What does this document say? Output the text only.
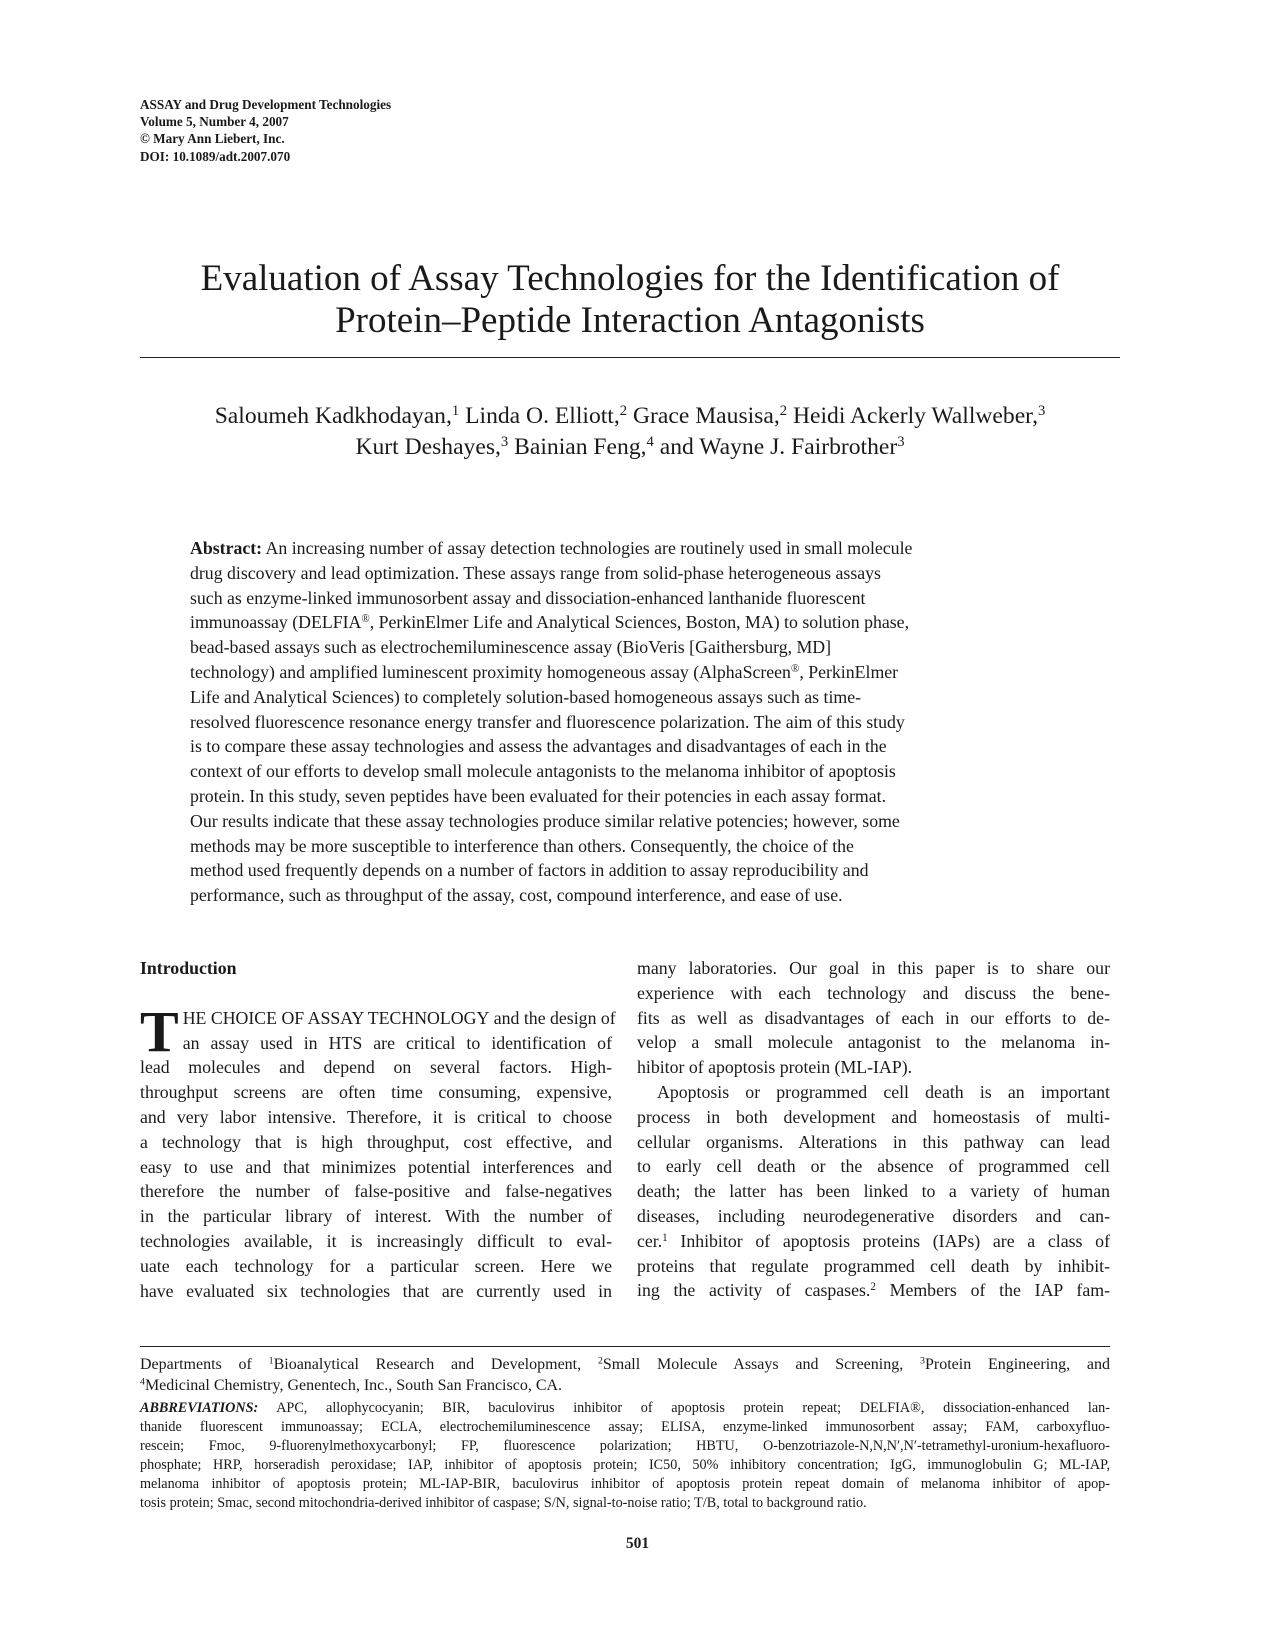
ASSAY and Drug Development Technologies
Volume 5, Number 4, 2007
© Mary Ann Liebert, Inc.
DOI: 10.1089/adt.2007.070
Evaluation of Assay Technologies for the Identification of
Protein–Peptide Interaction Antagonists
Saloumeh Kadkhodayan,$^1$ Linda O. Elliott,$^2$ Grace Mausisa,$^2$ Heidi Ackerly Wallweber,$^3$
Kurt Deshayes,$^3$ Bainian Feng,$^4$ and Wayne J. Fairbrother$^3$
Abstract: An increasing number of assay detection technologies are routinely used in small molecule
drug discovery and lead optimization. These assays range from solid-phase heterogeneous assays
such as enzyme-linked immunosorbent assay and dissociation-enhanced lanthanide fluorescent
immunoassay (DELFIA®, PerkinElmer Life and Analytical Sciences, Boston, MA) to solution phase,
bead-based assays such as electrochemiluminescence assay (BioVeris [Gaithersburg, MD]
technology) and amplified luminescent proximity homogeneous assay (AlphaScreen®, PerkinElmer
Life and Analytical Sciences) to completely solution-based homogeneous assays such as time-
resolved fluorescence resonance energy transfer and fluorescence polarization. The aim of this study
is to compare these assay technologies and assess the advantages and disadvantages of each in the
context of our efforts to develop small molecule antagonists to the melanoma inhibitor of apoptosis
protein. In this study, seven peptides have been evaluated for their potencies in each assay format.
Our results indicate that these assay technologies produce similar relative potencies; however, some
methods may be more susceptible to interference than others. Consequently, the choice of the
method used frequently depends on a number of factors in addition to assay reproducibility and
performance, such as throughput of the assay, cost, compound interference, and ease of use.
Introduction
T HE CHOICE OF ASSAY TECHNOLOGY and the design of
an assay used in HTS are critical to identification of
lead molecules and depend on several factors. High-
throughput screens are often time consuming, expensive,
and very labor intensive. Therefore, it is critical to choose
a technology that is high throughput, cost effective, and
easy to use and that minimizes potential interferences and
therefore the number of false-positive and false-negatives
in the particular library of interest. With the number of
technologies available, it is increasingly difficult to eval-
uate each technology for a particular screen. Here we
have evaluated six technologies that are currently used in
many laboratories. Our goal in this paper is to share our
experience with each technology and discuss the bene-
fits as well as disadvantages of each in our efforts to de-
velop a small molecule antagonist to the melanoma in-
hibitor of apoptosis protein (ML-IAP).
Apoptosis or programmed cell death is an important
process in both development and homeostasis of multi-
cellular organisms. Alterations in this pathway can lead
to early cell death or the absence of programmed cell
death; the latter has been linked to a variety of human
diseases, including neurodegenerative disorders and can-
cer.$^1$ Inhibitor of apoptosis proteins (IAPs) are a class of
proteins that regulate programmed cell death by inhibit-
ing the activity of caspases.$^2$ Members of the IAP fam-
Departments of $^1$Bioanalytical Research and Development, $^2$Small Molecule Assays and Screening, $^3$Protein Engineering, and
$^4$Medicinal Chemistry, Genentech, Inc., South San Francisco, CA.
ABBREVIATIONS: APC, allophycocyanin; BIR, baculovirus inhibitor of apoptosis protein repeat; DELFIA®, dissociation-enhanced lan-
thanide fluorescent immunoassay; ECLA, electrochemiluminescence assay; ELISA, enzyme-linked immunosorbent assay; FAM, carboxyfluo-
rescein; Fmoc, 9-fluorenylmethoxycarbonyl; FP, fluorescence polarization; HBTU, O-benzotriazole-N,N,N′,N′-tetramethyl-uronium-hexafluoro-
phosphate; HRP, horseradish peroxidase; IAP, inhibitor of apoptosis protein; IC50, 50% inhibitory concentration; IgG, immunoglobulin G; ML-IAP,
melanoma inhibitor of apoptosis protein; ML-IAP-BIR, baculovirus inhibitor of apoptosis protein repeat domain of melanoma inhibitor of apop-
tosis protein; Smac, second mitochondria-derived inhibitor of caspase; S/N, signal-to-noise ratio; T/B, total to background ratio.
501
